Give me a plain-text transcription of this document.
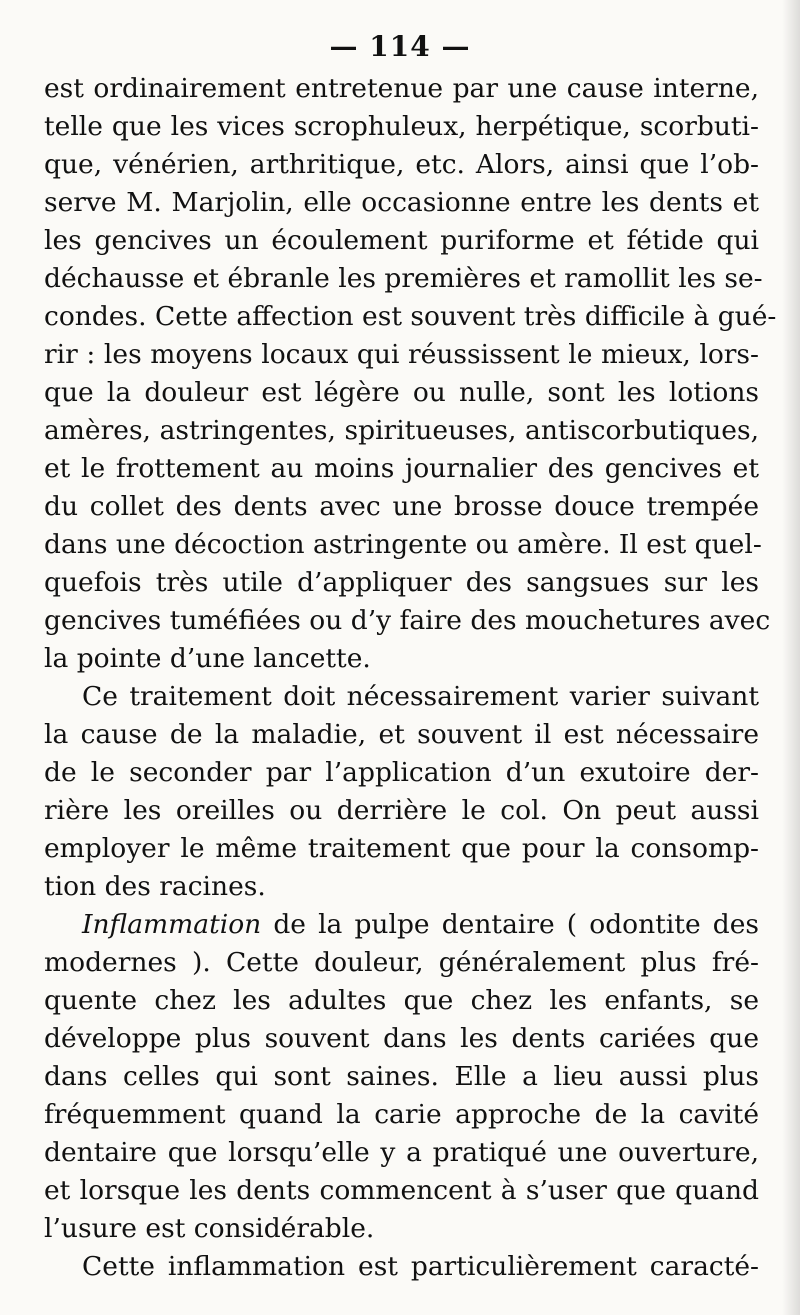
— 114 —
est ordinairement entretenue par une cause interne,
telle que les vices scrophuleux, herpétique, scorbuti-
que, vénérien, arthritique, etc. Alors, ainsi que l’ob-
serve M. Marjolin, elle occasionne entre les dents et
les gencives un écoulement puriforme et fétide qui
déchausse et ébranle les premières et ramollit les se-
condes. Cette affection est souvent très difficile à gué-
rir : les moyens locaux qui réussissent le mieux, lors-
que la douleur est légère ou nulle, sont les lotions
amères, astringentes, spiritueuses, antiscorbutiques,
et le frottement au moins journalier des gencives et
du collet des dents avec une brosse douce trempée
dans une décoction astringente ou amère. Il est quel-
quefois très utile d’appliquer des sangsues sur les
gencives tuméfiées ou d’y faire des mouchetures avec
la pointe d’une lancette.
Ce traitement doit nécessairement varier suivant
la cause de la maladie, et souvent il est nécessaire
de le seconder par l’application d’un exutoire der-
rière les oreilles ou derrière le col. On peut aussi
employer le même traitement que pour la consomp-
tion des racines.
Inflammation de la pulpe dentaire ( odontite des
modernes ). Cette douleur, généralement plus fré-
quente chez les adultes que chez les enfants, se
développe plus souvent dans les dents cariées que
dans celles qui sont saines. Elle a lieu aussi plus
fréquemment quand la carie approche de la cavité
dentaire que lorsqu’elle y a pratiqué une ouverture,
et lorsque les dents commencent à s’user que quand
l’usure est considérable.
Cette inflammation est particulièrement caracté-
